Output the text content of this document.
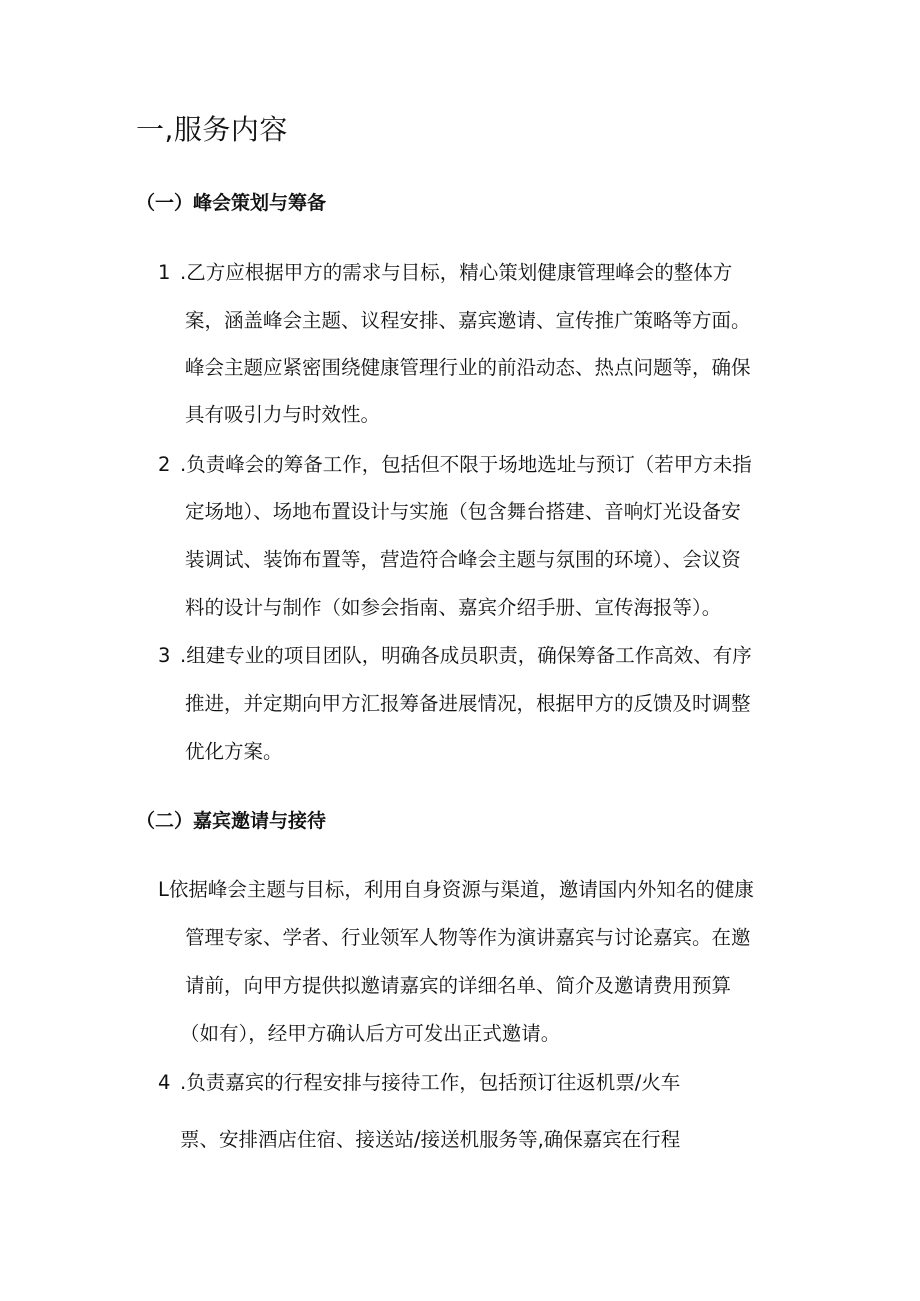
一,服务内容
（一）峰会策划与筹备
1 .乙方应根据甲方的需求与目标，精心策划健康管理峰会的整体方
案，涵盖峰会主题、议程安排、嘉宾邀请、宣传推广策略等方面。
峰会主题应紧密围绕健康管理行业的前沿动态、热点问题等，确保
具有吸引力与时效性。
2 .负责峰会的筹备工作，包括但不限于场地选址与预订（若甲方未指
定场地）、场地布置设计与实施（包含舞台搭建、音响灯光设备安
装调试、装饰布置等，营造符合峰会主题与氛围的环境）、会议资
料的设计与制作（如参会指南、嘉宾介绍手册、宣传海报等）。
3 .组建专业的项目团队，明确各成员职责，确保筹备工作高效、有序
推进，并定期向甲方汇报筹备进展情况，根据甲方的反馈及时调整
优化方案。
（二）嘉宾邀请与接待
L依据峰会主题与目标，利用自身资源与渠道，邀请国内外知名的健康
管理专家、学者、行业领军人物等作为演讲嘉宾与讨论嘉宾。在邀
请前，向甲方提供拟邀请嘉宾的详细名单、简介及邀请费用预算
（如有），经甲方确认后方可发出正式邀请。
4 .负责嘉宾的行程安排与接待工作，包括预订往返机票/火车
票、安排酒店住宿、接送站/接送机服务等,确保嘉宾在行程
